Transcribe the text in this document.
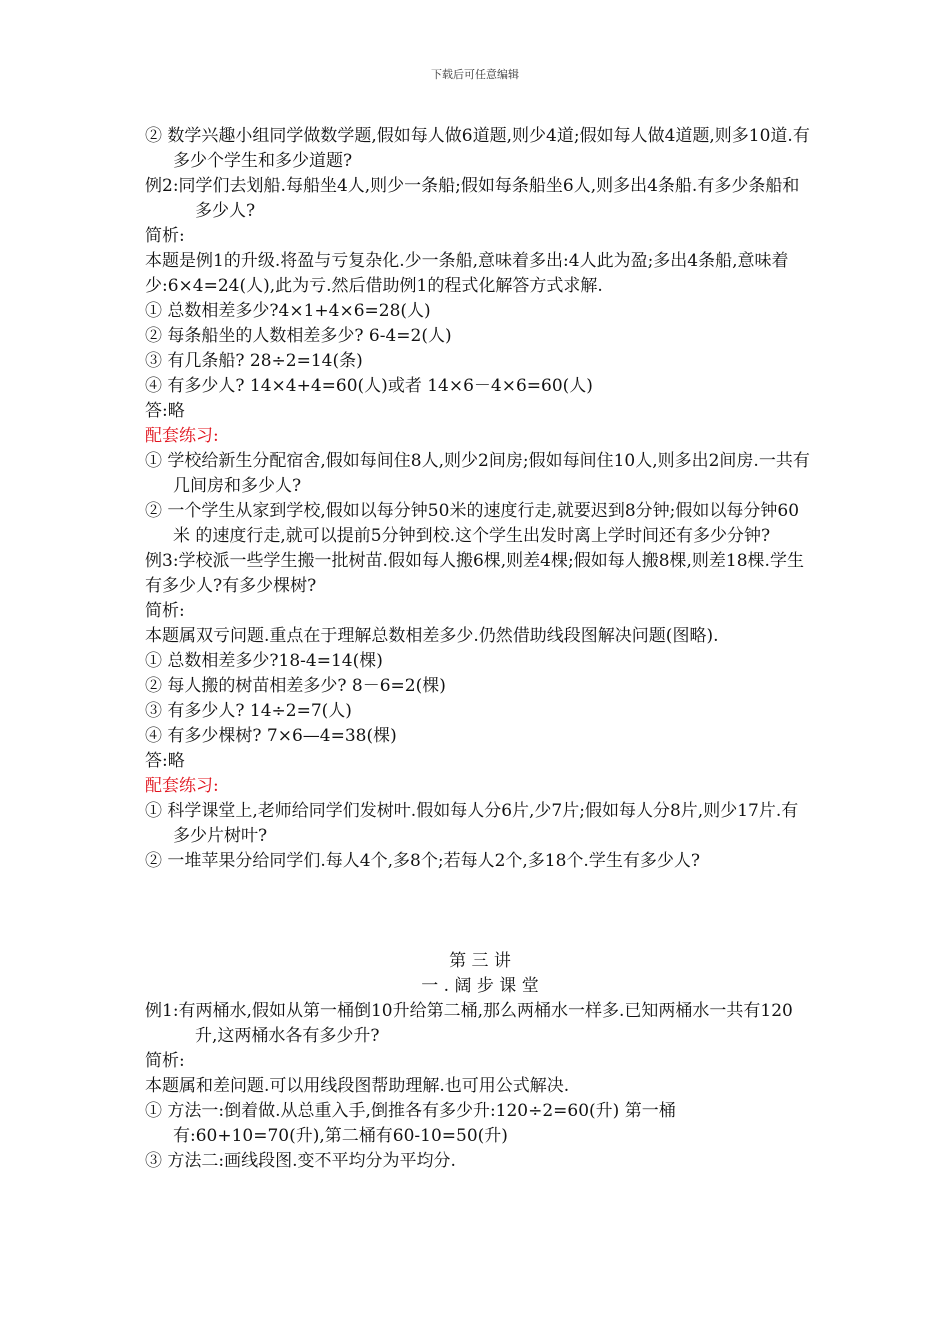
下载后可任意编辑

② 数学兴趣小组同学做数学题,假如每人做6道题,则少4道;假如每人做4道题,则多10道.有多少个学生和多少道题?

例2:同学们去划船.每船坐4人,则少一条船;假如每条船坐6人,则多出4条船.有多少条船和多少人?

简析:

本题是例1的升级.将盈与亏复杂化.少一条船,意味着多出:4人此为盈;多出4条船,意味着少:6×4=24(人),此为亏.然后借助例1的程式化解答方式求解.

① 总数相差多少?4×1+4×6=28(人)

② 每条船坐的人数相差多少? 6-4=2(人)

③ 有几条船? 28÷2=14(条)

④ 有多少人? 14×4+4=60(人)或者 14×6－4×6=60(人)

答:略

配套练习:

① 学校给新生分配宿舍,假如每间住8人,则少2间房;假如每间住10人,则多出2间房.一共有几间房和多少人?

② 一个学生从家到学校,假如以每分钟50米的速度行走,就要迟到8分钟;假如以每分钟60米 的速度行走,就可以提前5分钟到校.这个学生出发时离上学时间还有多少分钟?

例3:学校派一些学生搬一批树苗.假如每人搬6棵,则差4棵;假如每人搬8棵,则差18棵.学生有多少人?有多少棵树?

简析:

本题属双亏问题.重点在于理解总数相差多少.仍然借助线段图解决问题(图略).

① 总数相差多少?18-4=14(棵)

② 每人搬的树苗相差多少? 8－6=2(棵)

③ 有多少人? 14÷2=7(人)

④ 有多少棵树? 7×6—4=38(棵)

答:略

配套练习:

① 科学课堂上,老师给同学们发树叶.假如每人分6片,少7片;假如每人分8片,则少17片.有多少片树叶?

② 一堆苹果分给同学们.每人4个,多8个;若每人2个,多18个.学生有多少人?

第 三 讲

一 . 阔 步 课 堂

例1:有两桶水,假如从第一桶倒10升给第二桶,那么两桶水一样多.已知两桶水一共有120升,这两桶水各有多少升?

简析:

本题属和差问题.可以用线段图帮助理解.也可用公式解决.

① 方法一:倒着做.从总重入手,倒推各有多少升:120÷2=60(升) 第一桶有:60+10=70(升),第二桶有60-10=50(升)

③ 方法二:画线段图.变不平均分为平均分.
